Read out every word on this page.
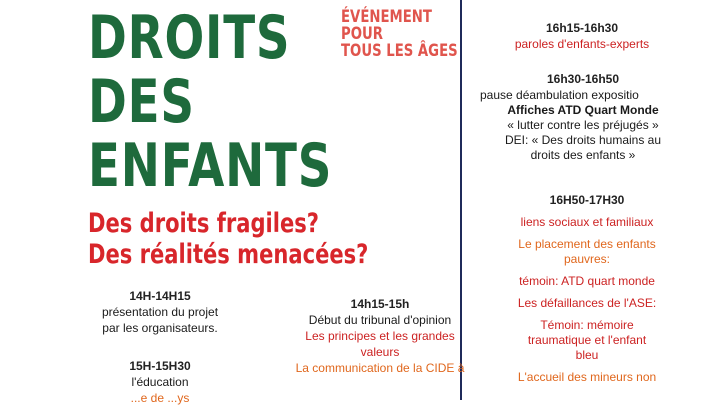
DROITS
DES
ENFANTS
ÉVÉNEMENT
POUR
TOUS LES ÂGES
Des droits fragiles?
Des réalités menacées?
14H-14H15
présentation du projet
par les organisateurs.
15H-15H30
l'éducation
...e de ...ys
14h15-15h
Début du tribunal d'opinion
Les principes et les grandes
valeurs
La communication de la CIDE à
16h15-16h30
paroles d'enfants-experts
16h30-16h50
pause déambulation expositio
Affiches ATD Quart Monde
« lutter contre les préjugés »
DEI: « Des droits humains au
droits des enfants »
16H50-17H30
liens sociaux et familiaux
Le placement des enfants
pauvres:
témoin: ATD quart monde
Les défaillances de l'ASE:
Témoin: mémoire
traumatique et l'enfant
bleu
L'accueil des mineurs non
